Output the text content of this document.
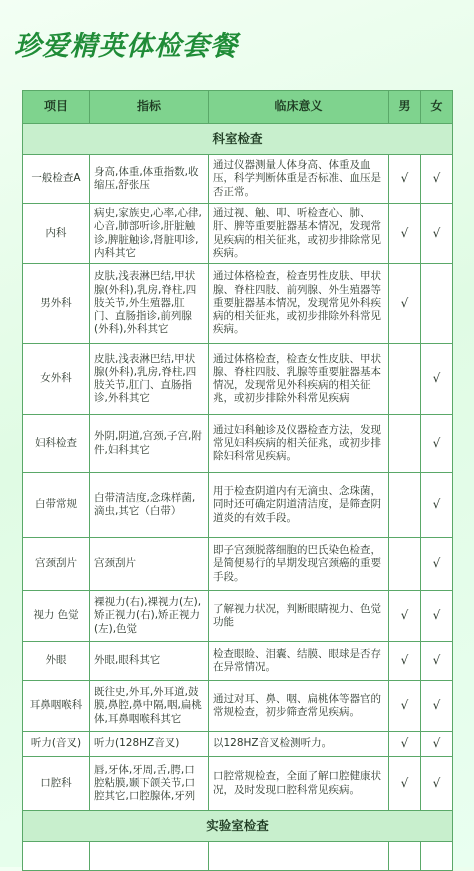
珍爱精英体检套餐
项目	指标	临床意义	男	女
科室检查				
一般检查A	身高,体重,体重指数,收缩压,舒张压	通过仪器测量人体身高、体重及血压，科学判断体重是否标准、血压是否正常。	√	√
内科	病史,家族史,心率,心律,心音,肺部听诊,肝脏触诊,脾脏触诊,肾脏叩诊,内科其它	通过视、触、叩、听检查心、肺、肝、脾等重要脏器基本情况，发现常见疾病的相关征兆，或初步排除常见疾病。	√	√
男外科	皮肤,浅表淋巴结,甲状腺(外科),乳房,脊柱,四肢关节,外生殖器,肛门、直肠指诊,前列腺(外科),外科其它	通过体格检查，检查男性皮肤、甲状腺、脊柱四肢、前列腺、外生殖器等重要脏器基本情况，发现常见外科疾病的相关征兆，或初步排除外科常见疾病。	√	
女外科	皮肤,浅表淋巴结,甲状腺(外科),乳房,脊柱,四肢关节,肛门、直肠指诊,外科其它	通过体格检查，检查女性皮肤、甲状腺、脊柱四肢、乳腺等重要脏器基本情况，发现常见外科疾病的相关征兆，或初步排除外科常见疾病		√
妇科检查	外阴,阴道,宫颈,子宫,附件,妇科其它	通过妇科触诊及仪器检查方法，发现常见妇科疾病的相关征兆，或初步排除妇科常见疾病。		√
白带常规	白带清洁度,念珠样菌,滴虫,其它（白带）	用于检查阴道内有无滴虫、念珠菌，同时还可确定阴道清洁度，是筛查阴道炎的有效手段。		√
宫颈刮片	宫颈刮片	即子宫颈脱落细胞的巴氏染色检查，是简便易行的早期发现宫颈癌的重要手段。		√
视力 色觉	裸视力(右),裸视力(左),矫正视力(右),矫正视力(左),色觉	了解视力状况，判断眼睛视力、色觉功能	√	√
外眼	外眼,眼科其它	检查眼睑、泪囊、结膜、眼球是否存在异常情况。	√	√
耳鼻咽喉科	既往史,外耳,外耳道,鼓膜,鼻腔,鼻中隔,咽,扁桃体,耳鼻咽喉科其它	通过对耳、鼻、咽、扁桃体等器官的常规检查，初步筛查常见疾病。	√	√
听力(音叉)	听力(128HZ音叉)	以128HZ音叉检测听力。	√	√
口腔科	唇,牙体,牙周,舌,腭,口腔粘膜,颞下颌关节,口腔其它,口腔腺体,牙列	口腔常规检查，全面了解口腔健康状况，及时发现口腔科常见疾病。	√	√
实验室检查				
